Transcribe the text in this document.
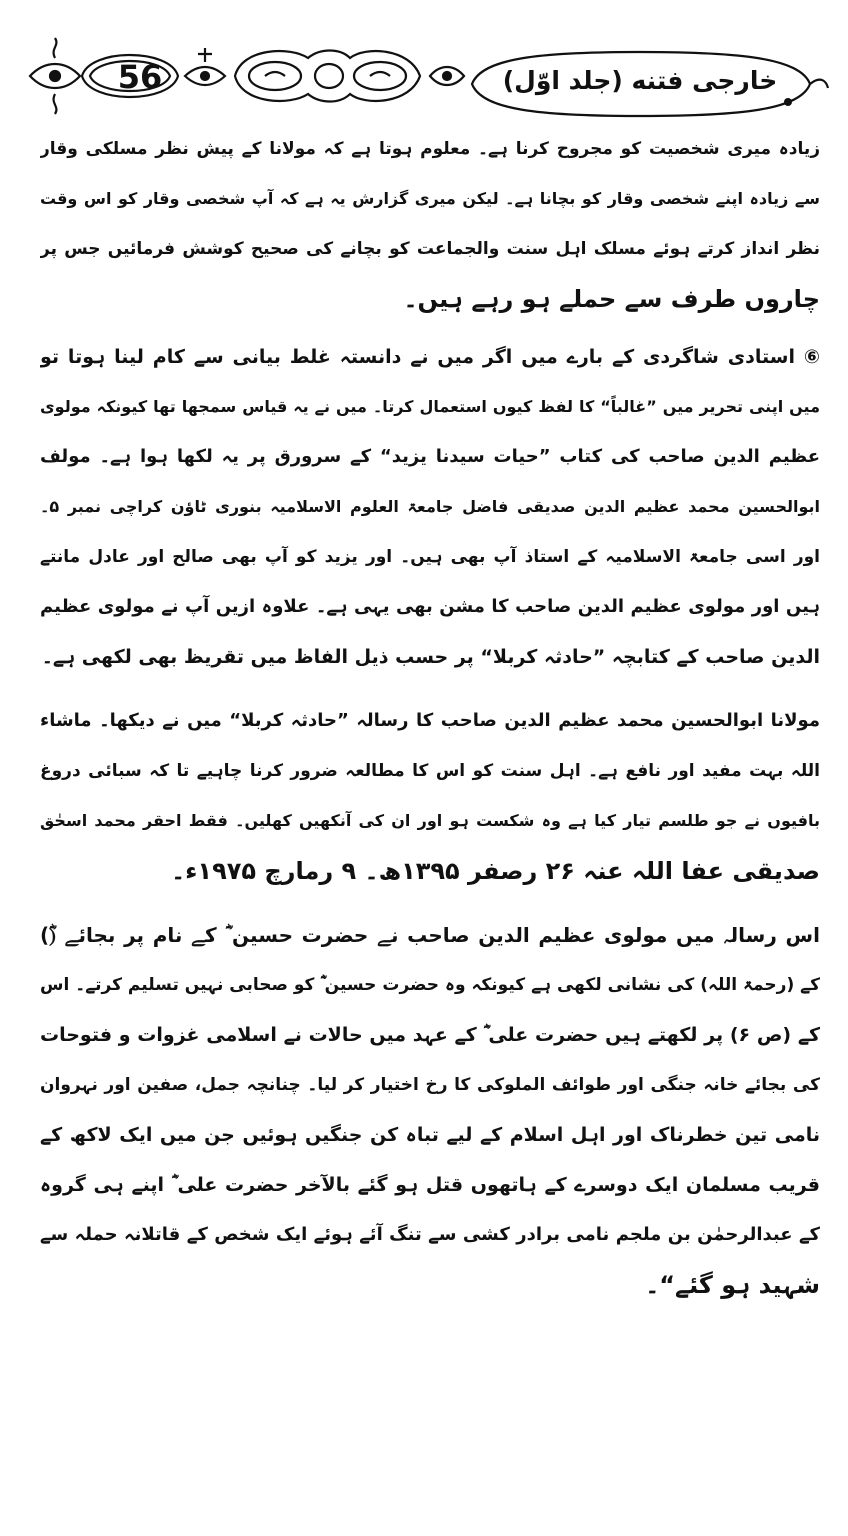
56	خارجی فتنه (جلد اوّل)
زیادہ میری شخصیت کو مجروح کرنا ہے۔ معلوم ہوتا ہے کہ مولانا کے پیش نظر مسلکی وقار
سے زیادہ اپنے شخصی وقار کو بچانا ہے۔ لیکن میری گزارش یہ ہے کہ آپ شخصی وقار کو اس وقت
نظر انداز کرتے ہوئے مسلک اہل سنت والجماعت کو بچانے کی صحیح کوشش فرمائیں جس پر
چاروں طرف سے حملے ہو رہے ہیں۔
⑥ استادی شاگردی کے بارے میں اگر میں نے دانستہ غلط بیانی سے کام لینا ہوتا تو
میں اپنی تحریر میں ”غالباً“ کا لفظ کیوں استعمال کرتا۔ میں نے یہ قیاس سمجھا تھا کیونکہ مولوی
عظیم الدین صاحب کی کتاب ”حیات سیدنا یزید“ کے سرورق پر یہ لکھا ہوا ہے۔ مولف
ابوالحسین محمد عظیم الدین صدیقی فاضل جامعۃ العلوم الاسلامیہ بنوری ٹاؤن کراچی نمبر ۵۔
اور اسی جامعۃ الاسلامیہ کے استاذ آپ بھی ہیں۔ اور یزید کو آپ بھی صالح اور عادل مانتے
ہیں اور مولوی عظیم الدین صاحب کا مشن بھی یہی ہے۔ علاوہ ازیں آپ نے مولوی عظیم
الدین صاحب کے کتابچہ ”حادثہ کربلا“ پر حسب ذیل الفاظ میں تقریظ بھی لکھی ہے۔
مولانا ابوالحسین محمد عظیم الدین صاحب کا رسالہ ”حادثہ کربلا“ میں نے دیکھا۔ ماشاء
اللہ بہت مفید اور نافع ہے۔ اہل سنت کو اس کا مطالعہ ضرور کرنا چاہیے تا کہ سبائی دروغ
بافیوں نے جو طلسم تیار کیا ہے وہ شکست ہو اور ان کی آنکھیں کھلیں۔ فقط احقر محمد اسحٰق
صدیقی عفا اللہ عنہ ۲۶ رصفر ۱۳۹۵ھ۔ ۹ رمارچ ۱۹۷۵ء۔
اس رسالہ میں مولوی عظیم الدین صاحب نے حضرت حسین ؓ کے نام پر بجائے (ؓ)
کے (رحمۃ اللہ) کی نشانی لکھی ہے کیونکہ وہ حضرت حسین ؓ کو صحابی نہیں تسلیم کرتے۔ اس
کے (ص ۶) پر لکھتے ہیں حضرت علی ؓ کے عہد میں حالات نے اسلامی غزوات و فتوحات
کی بجائے خانہ جنگی اور طوائف الملوکی کا رخ اختیار کر لیا۔ چنانچہ جمل، صفین اور نہروان
نامی تین خطرناک اور اہل اسلام کے لیے تباہ کن جنگیں ہوئیں جن میں ایک لاکھ کے
قریب مسلمان ایک دوسرے کے ہاتھوں قتل ہو گئے بالآخر حضرت علی ؓ اپنے ہی گروہ
کے عبدالرحمٰن بن ملجم نامی برادر کشی سے تنگ آئے ہوئے ایک شخص کے قاتلانہ حملہ سے
شہید ہو گئے“۔
